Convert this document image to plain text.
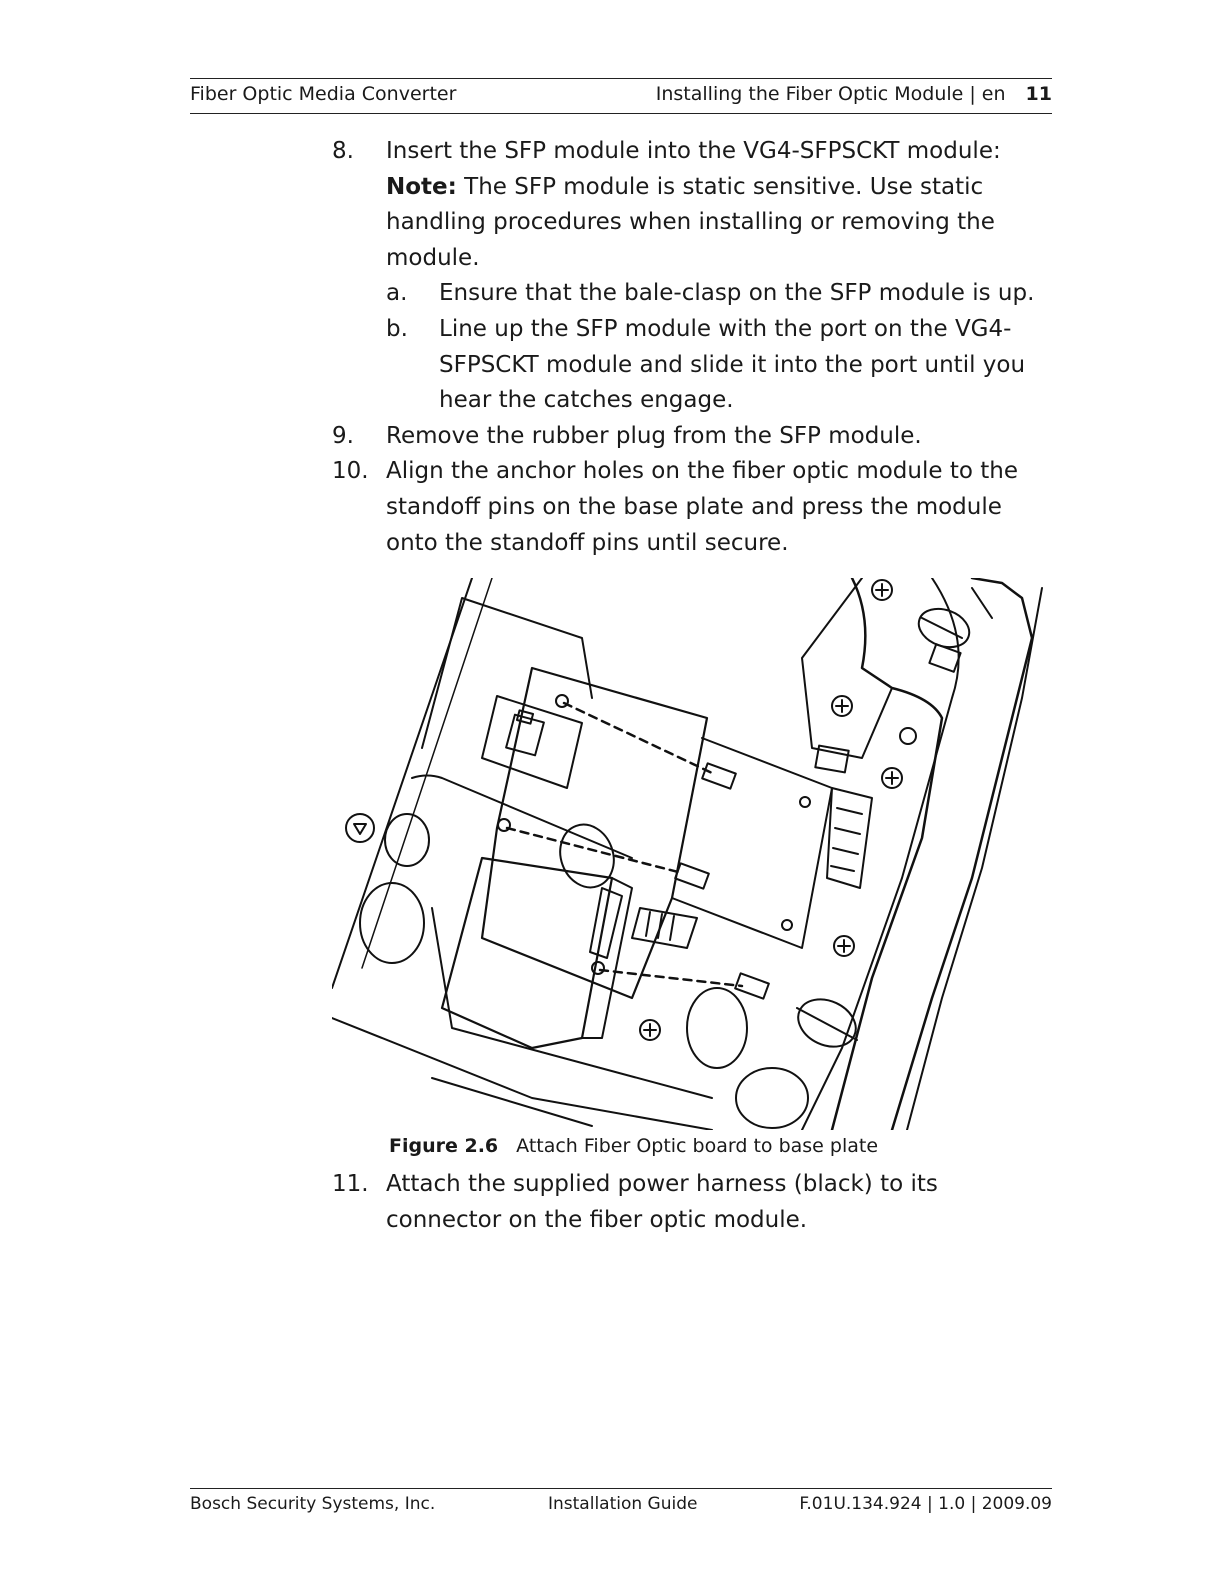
Fiber Optic Media Converter	Installing the Fiber Optic Module | en 11
8. Insert the SFP module into the VG4-SFPSCKT module:
Note: The SFP module is static sensitive. Use static handling procedures when installing or removing the module.
a. Ensure that the bale-clasp on the SFP module is up.
b. Line up the SFP module with the port on the VG4-SFPSCKT module and slide it into the port until you hear the catches engage.
9. Remove the rubber plug from the SFP module.
10. Align the anchor holes on the fiber optic module to the standoff pins on the base plate and press the module onto the standoff pins until secure.
Figure 2.6 Attach Fiber Optic board to base plate
11. Attach the supplied power harness (black) to its connector on the fiber optic module.
Bosch Security Systems, Inc.	Installation Guide	F.01U.134.924 | 1.0 | 2009.09
